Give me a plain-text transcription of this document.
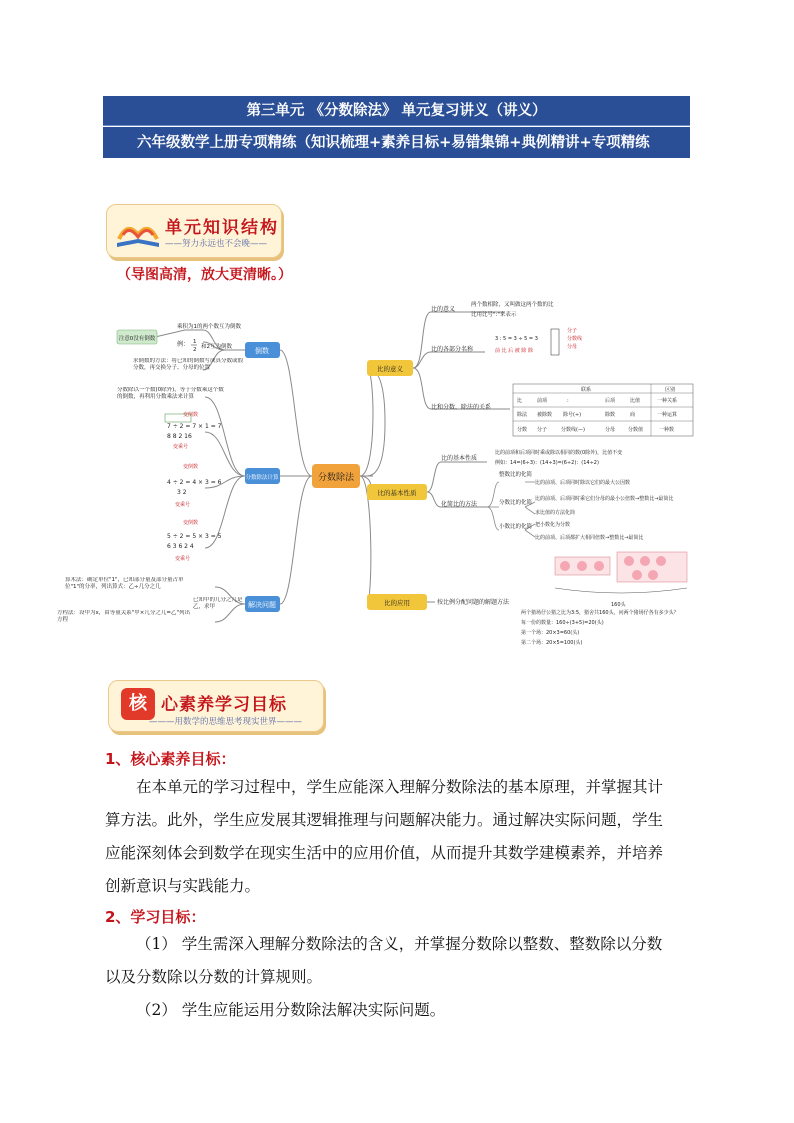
第三单元 《分数除法》 单元复习讲义（讲义）
六年级数学上册专项精练（知识梳理+素养目标+易错集锦+典例精讲+专项精练
单元知识结构
——努力永远也不会晚——
（导图高清，放大更清晰。）
分数除法
倒数
分数除法计算
解决问题
注意0没有倒数
乘积为1的两个数互为倒数
例： 1
2 和2互为倒数
求倒数的方法：将已知的倒数写成真分数或假分数，再交换分子、分母的位置
分数除以一个数(0除外)，等于分数乘这个数的倒数，再利用分数乘法来计算
变倒数
7 ÷ 2 = 7 × 1 = 7
8 8 2 16
变乘号
变倒数
4 ÷ 2 = 4 × 3 = 6
3 2
变乘号
变倒数
5 ÷ 2 = 5 × 3 = 5
6 3 6 2 4
变乘号
算术法：确定单位"1"，已知部分量及部分量占单位"1"的分率，列出算式：乙÷几分之几
方程法：设甲为x，由等量关系"甲×几分之几=乙"列出方程
已知甲的几分之几是乙，求甲
比的意义
比的基本性质
比的应用
比的意义
两个数相除，又叫做这两个数的比
比用比号":"来表示
比的各部分名称
3 : 5 = 3 ÷ 5 = 3
前 比 后 被 除 除
分子
分数线
分母
比和分数、除法的关系
联系	区别
比	前项	:	后项	比值	一种关系
除法 被除数 除号(÷)	除数	商	一种运算
分数 分子	分数线(—)	分母	分数值	一种数
比的基本性质
比的前项和后项同时乘或除以相同的数(0除外)，比值不变
例如：14=(6÷3)：(14÷3)=(6÷2)：(14÷2)
化简比的方法
整数比的化简
比的前项、后项同时除以它们的最大公因数
分数比的化简
比的前项、后项同时乘它们分母的最小公倍数→整数比→最简比
求比值的方法化简
小数比的化简 把小数化为分数
比的前项、后项都扩大相同倍数→整数比→最简比
按比例分配问题的解题方法	160头
两个猪场仔公猪之比为3:5，猪舍共160头，问两个猪场仔各有多少头？
每一份的数量：160÷(3+5)=20(头)
第一个场：20×3=60(头)
第二个场：20×5=100(头)
核 心素养学习目标
———用数学的思维思考现实世界———
1、核心素养目标：
在本单元的学习过程中，学生应能深入理解分数除法的基本原理，并掌握其计
算方法。此外，学生应发展其逻辑推理与问题解决能力。通过解决实际问题，学生
应能深刻体会到数学在现实生活中的应用价值，从而提升其数学建模素养，并培养
创新意识与实践能力。
2、学习目标：
（1） 学生需深入理解分数除法的含义，并掌握分数除以整数、整数除以分数
以及分数除以分数的计算规则。
（2） 学生应能运用分数除法解决实际问题。
